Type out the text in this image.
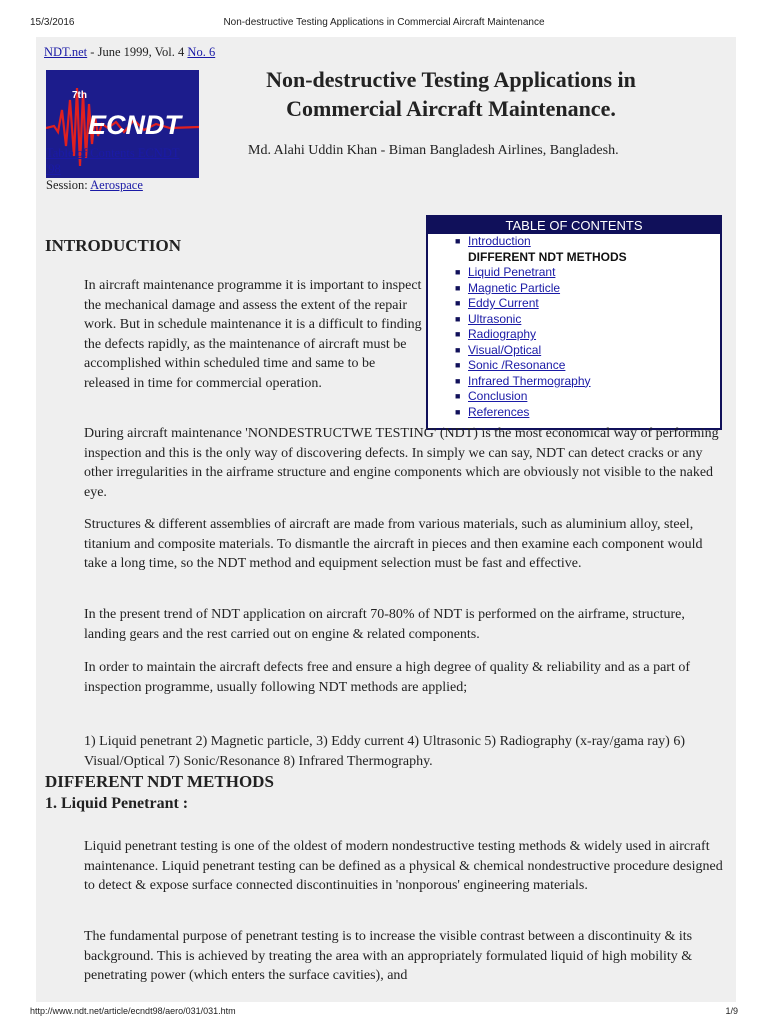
15/3/2016	Non-destructive Testing Applications in Commercial Aircraft Maintenance
NDT.net - June 1999, Vol. 4 No. 6
ECNDT
7th
Non-destructive Testing Applications in Commercial Aircraft Maintenance.
Table of Contents ECNDT '98
Session: Aerospace
Md. Alahi Uddin Khan - Biman Bangladesh Airlines, Bangladesh.
INTRODUCTION
In aircraft maintenance programme it is important to inspect the mechanical damage and assess the extent of the repair work. But in schedule maintenance it is a difficult to finding the defects rapidly, as the maintenance of aircraft must be accomplished within scheduled time and same to be released in time for commercial operation.
TABLE OF CONTENTS
■ Introduction
DIFFERENT NDT METHODS
■ Liquid Penetrant
■ Magnetic Particle
■ Eddy Current
■ Ultrasonic
■ Radiography
■ Visual/Optical
■ Sonic /Resonance
■ Infrared Thermography
■ Conclusion
■ References
During aircraft maintenance 'NONDESTRUCTWE TESTING' (NDT) is the most economical way of performing inspection and this is the only way of discovering defects. In simply we can say, NDT can detect cracks or any other irregularities in the airframe structure and engine components which are obviously not visible to the naked eye.
Structures & different assemblies of aircraft are made from various materials, such as aluminium alloy, steel, titanium and composite materials. To dismantle the aircraft in pieces and then examine each component would take a long time, so the NDT method and equipment selection must be fast and effective.
In the present trend of NDT application on aircraft 70-80% of NDT is performed on the airframe, structure, landing gears and the rest carried out on engine & related components.
In order to maintain the aircraft defects free and ensure a high degree of quality & reliability and as a part of inspection programme, usually following NDT methods are applied;
1) Liquid penetrant 2) Magnetic particle, 3) Eddy current 4) Ultrasonic 5) Radiography (x-ray/gama ray) 6) Visual/Optical 7) Sonic/Resonance 8) Infrared Thermography.
DIFFERENT NDT METHODS
1. Liquid Penetrant :
Liquid penetrant testing is one of the oldest of modern nondestructive testing methods & widely used in aircraft maintenance. Liquid penetrant testing can be defined as a physical & chemical nondestructive procedure designed to detect & expose surface connected discontinuities in 'nonporous' engineering materials.
The fundamental purpose of penetrant testing is to increase the visible contrast between a discontinuity & its background. This is achieved by treating the area with an appropriately formulated liquid of high mobility & penetrating power (which enters the surface cavities), and
http://www.ndt.net/article/ecndt98/aero/031/031.htm	1/9
